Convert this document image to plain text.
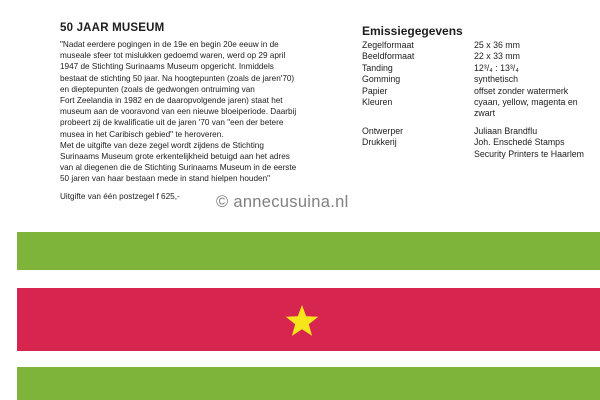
50 JAAR MUSEUM
"Nadat eerdere pogingen in de 19e en begin 20e eeuw in de
museale sfeer tot mislukken gedoemd waren, werd op 29 april
1947 de Stichting Surinaams Museum opgericht. Inmiddels
bestaat de stichting 50 jaar. Na hoogtepunten (zoals de jaren'70)
en dieptepunten (zoals de gedwongen ontruiming van
Fort Zeelandia in 1982 en de daaropvolgende jaren) staat het
museum aan de vooravond van een nieuwe bloeiperiode. Daarbij
probeert zij de kwalificatie uit de jaren '70 van "een der betere
musea in het Caribisch gebied" te heroveren.
Met de uitgifte van deze zegel wordt zijdens de Stichting
Surinaams Museum grote erkentelijkheid betuigd aan het adres
van al diegenen die de Stichting Surinaams Museum in de eerste
50 jaren van haar bestaan mede in stand hielpen houden"
Uitgifte van één postzegel f 625,-
Emissiegegevens
Zegelformaat	25 x 36 mm
Beeldformaat	22 x 33 mm
Tanding	12³/₄ : 13³/₄
Gomming	synthetisch
Papier	offset zonder watermerk
Kleuren	cyaan, yellow, magenta en
zwart
Ontwerper	Juliaan Brandflu
Drukkerij	Joh. Enschedé Stamps
Security Printers te Haarlem
© annecusuina.nl
